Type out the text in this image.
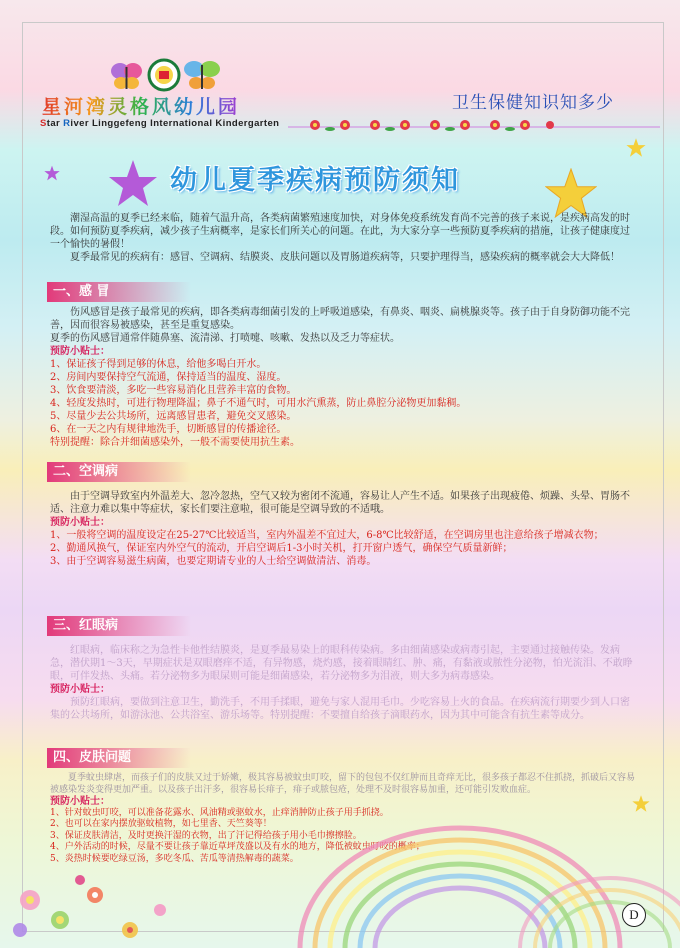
星河湾灵格风幼儿园
Star River Linggefeng International Kindergarten
卫生保健知识知多少
幼儿夏季疾病预防须知

潮湿高温的夏季已经来临，随着气温升高，各类病菌繁殖速度加快，对身体免疫系统发育尚不完善的孩子来说，是疾病高发的时段。如何预防夏季疾病，减少孩子生病概率，是家长们所关心的问题。在此，为大家分享一些预防夏季疾病的措施，让孩子健康度过一个愉快的暑假！

夏季最常见的疾病有：感冒、空调病、结膜炎、皮肤问题以及胃肠道疾病等，只要护理得当，感染疾病的概率就会大大降低！

一、感 冒

伤风感冒是孩子最常见的疾病，即各类病毒细菌引发的上呼吸道感染，有鼻炎、咽炎、扁桃腺炎等。孩子由于自身防御功能不完善，因而很容易被感染，甚至是重复感染。

夏季的伤风感冒通常伴随鼻塞、流清涕、打喷嚏、咳嗽、发热以及乏力等症状。

预防小贴士：

1、保证孩子得到足够的休息，给他多喝白开水。
2、房间内要保持空气流通，保持适当的温度、湿度。
3、饮食要清淡，多吃一些容易消化且营养丰富的食物。
4、轻度发热时，可进行物理降温；鼻子不通气时，可用水汽熏蒸，防止鼻腔分泌物更加黏稠。
5、尽量少去公共场所，远离感冒患者，避免交叉感染。
6、在一天之内有规律地洗手，切断感冒的传播途径。

特别提醒：除合并细菌感染外，一般不需要使用抗生素。

二、空调病

由于空调导致室内外温差大、忽冷忽热，空气又较为密闭不流通，容易让人产生不适。如果孩子出现疲倦、烦躁、头晕、胃肠不适、注意力难以集中等症状，家长们要注意啦，很可能是空调导致的不适哦。

预防小贴士：

1、一般将空调的温度设定在25-27℃比较适当，室内外温差不宜过大，6-8℃比较舒适，在空调房里也注意给孩子增减衣物；
2、勤通风换气，保证室内外空气的流动，开启空调后1-3小时关机，打开窗户透气，确保空气质量新鲜；
3、由于空调容易滋生病菌，也要定期请专业的人士给空调做清洁、消毒。
三、红眼病

红眼病，临床称之为急性卡他性结膜炎，是夏季最易染上的眼科传染病。多由细菌感染或病毒引起，主要通过接触传染。发病急，潜伏期1～3天，早期症状是双眼磨痒不适，有异物感，烧灼感，接着眼睛红、肿、痛，有黏液或脓性分泌物，怕光流泪、不敢睁眼，可伴发热、头痛。若分泌物多为眼屎则可能是细菌感染，若分泌物多为泪液，则大多为病毒感染。

预防小贴士：

预防红眼病，要做到注意卫生，勤洗手，不用手揉眼，避免与家人混用毛巾。少吃容易上火的食品。在疾病流行期要少到人口密集的公共场所，如游泳池、公共浴室、游乐场等。特别提醒：不要擅自给孩子滴眼药水，因为其中可能含有抗生素等成分。

四、皮肤问题

夏季蚊虫肆虐，而孩子们的皮肤又过于娇嫩，极其容易被蚊虫叮咬，留下的包包不仅红肿而且奇痒无比，很多孩子都忍不住抓挠，抓破后又容易被感染发炎变得更加严重。以及孩子出汗多，很容易长痱子，痱子或脓包疮，处理不及时很容易加重，还可能引发败血症。

预防小贴士：

1、针对蚊虫叮咬，可以准备花露水、风油精或驱蚊水，止痒消肿防止孩子用手抓挠。
2、也可以在家内摆放驱蚊植物，如七里香、天竺葵等！
3、保证皮肤清洁，及时更换汗湿的衣物，出了汗记得给孩子用小毛巾擦擦脸。
4、户外活动的时候，尽量不要让孩子靠近草坪茂盛以及有水的地方，降低被蚊虫叮咬的概率；
5、炎热时候要吃绿豆汤，多吃冬瓜、苦瓜等清热解毒的蔬菜。
D
